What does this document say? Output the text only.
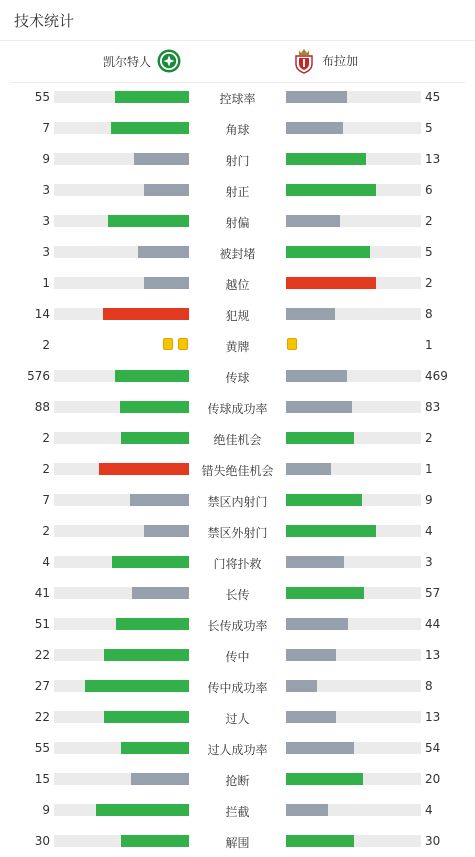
技术统计
凯尔特人	布拉加
55	控球率	45
7	角球	5
9	射门	13
3	射正	6
3	射偏	2
3	被封堵	5
1	越位	2
14	犯规	8
2	黄牌	1
576	传球	469
88	传球成功率	83
2	绝佳机会	2
2	错失绝佳机会	1
7	禁区内射门	9
2	禁区外射门	4
4	门将扑救	3
41	长传	57
51	长传成功率	44
22	传中	13
27	传中成功率	8
22	过人	13
55	过人成功率	54
15	抢断	20
9	拦截	4
30	解围	30
